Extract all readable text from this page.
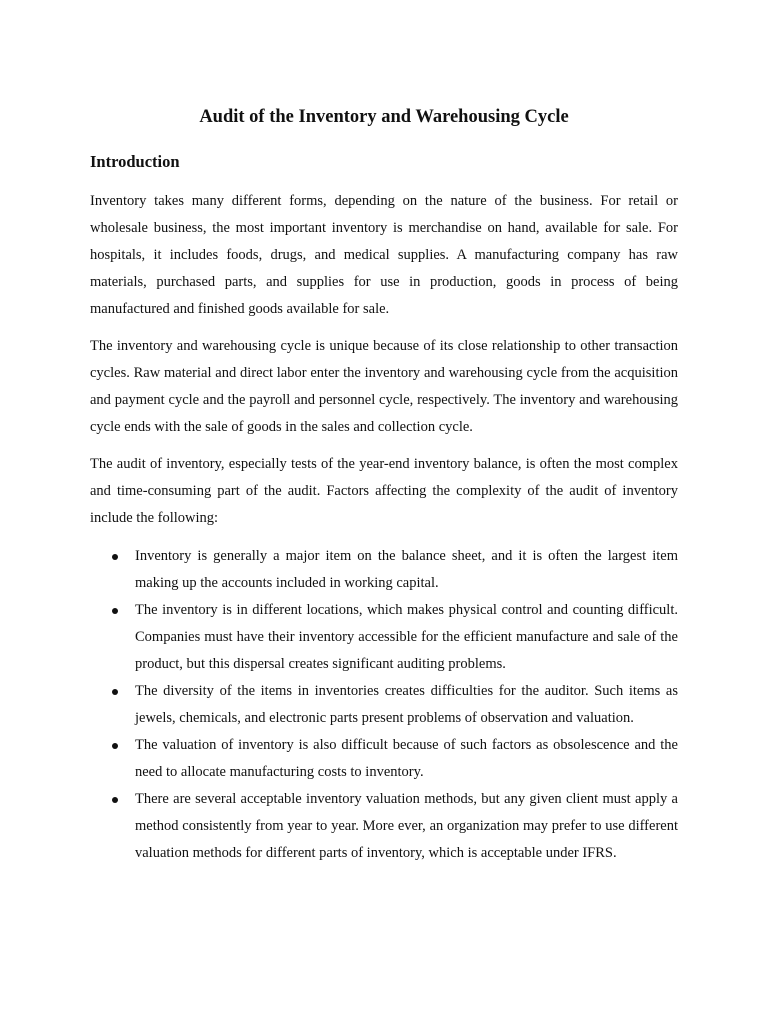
Audit of the Inventory and Warehousing Cycle
Introduction

Inventory takes many different forms, depending on the nature of the business. For retail or wholesale business, the most important inventory is merchandise on hand, available for sale. For hospitals, it includes foods, drugs, and medical supplies. A manufacturing company has raw materials, purchased parts, and supplies for use in production, goods in process of being manufactured and finished goods available for sale.

The inventory and warehousing cycle is unique because of its close relationship to other transaction cycles. Raw material and direct labor enter the inventory and warehousing cycle from the acquisition and payment cycle and the payroll and personnel cycle, respectively. The inventory and warehousing cycle ends with the sale of goods in the sales and collection cycle.

The audit of inventory, especially tests of the year-end inventory balance, is often the most complex and time-consuming part of the audit. Factors affecting the complexity of the audit of inventory include the following:

Inventory is generally a major item on the balance sheet, and it is often the largest item making up the accounts included in working capital.
The inventory is in different locations, which makes physical control and counting difficult. Companies must have their inventory accessible for the efficient manufacture and sale of the product, but this dispersal creates significant auditing problems.
The diversity of the items in inventories creates difficulties for the auditor. Such items as jewels, chemicals, and electronic parts present problems of observation and valuation.
The valuation of inventory is also difficult because of such factors as obsolescence and the need to allocate manufacturing costs to inventory.
There are several acceptable inventory valuation methods, but any given client must apply a method consistently from year to year. More ever, an organization may prefer to use different valuation methods for different parts of inventory, which is acceptable under IFRS.
